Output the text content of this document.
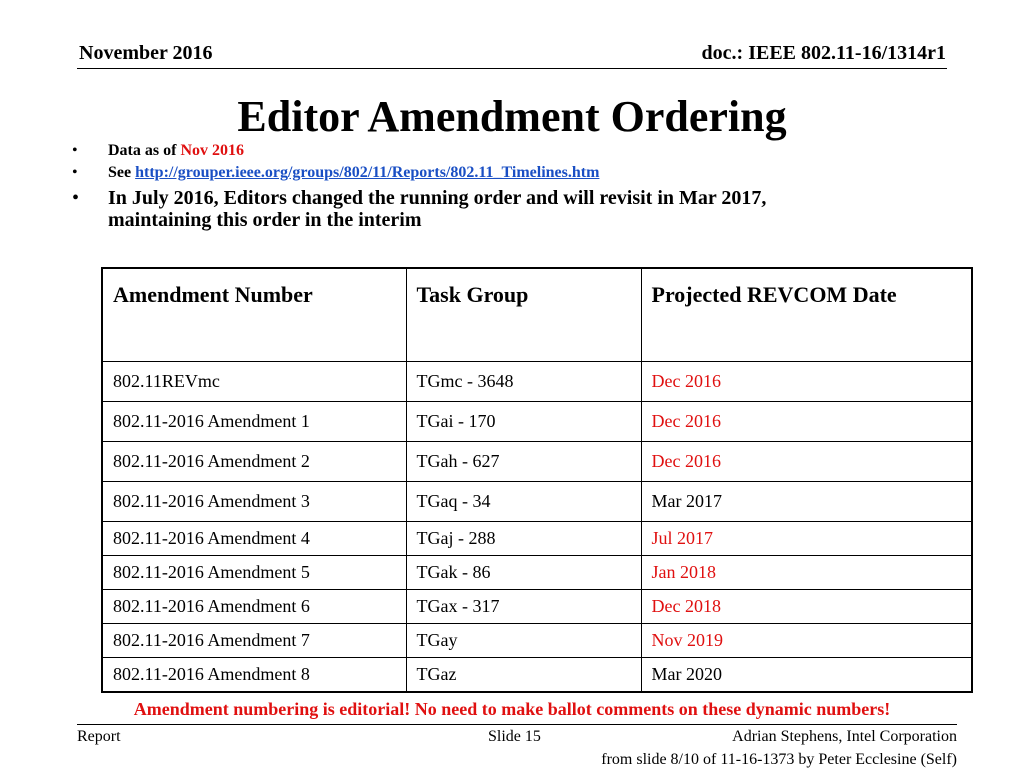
November 2016	doc.: IEEE 802.11-16/1314r1
Editor Amendment Ordering
• Data as of Nov 2016
• See http://grouper.ieee.org/groups/802/11/Reports/802.11_Timelines.htm
• In July 2016, Editors changed the running order and will revisit in Mar 2017, maintaining this order in the interim
Amendment Number	Task Group	Projected REVCOM Date
802.11REVmc	TGmc - 3648	Dec 2016
802.11-2016 Amendment 1	TGai - 170	Dec 2016
802.11-2016 Amendment 2	TGah - 627	Dec 2016
802.11-2016 Amendment 3	TGaq - 34	Mar 2017
802.11-2016 Amendment 4	TGaj - 288	Jul 2017
802.11-2016 Amendment 5	TGak - 86	Jan 2018
802.11-2016 Amendment 6	TGax - 317	Dec 2018
802.11-2016 Amendment 7	TGay	Nov 2019
802.11-2016 Amendment 8	TGaz	Mar 2020
Amendment numbering is editorial! No need to make ballot comments on these dynamic numbers!
Report	Slide 15	Adrian Stephens, Intel Corporation
from slide 8/10 of 11-16-1373 by Peter Ecclesine (Self)
